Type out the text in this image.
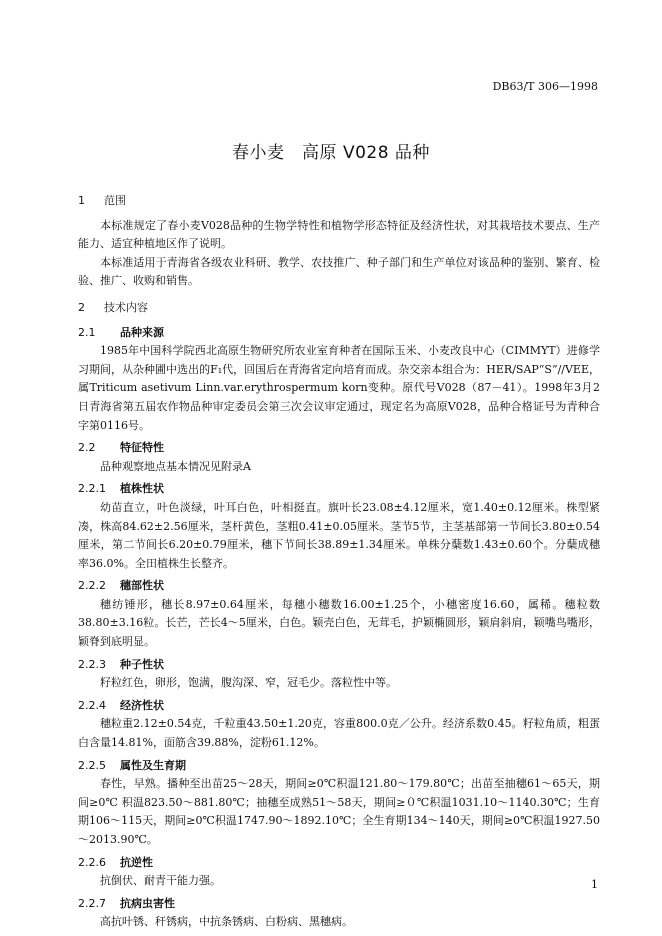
DB63/T 306—1998
春小麦　高原 V028 品种
1 范围

本标准规定了春小麦V028品种的生物学特性和植物学形态特征及经济性状，对其栽培技术要点、生产能力、适宜种植地区作了说明。

本标准适用于青海省各级农业科研、教学、农技推广、种子部门和生产单位对该品种的鉴别、繁育、检验、推广、收购和销售。

2 技术内容
2.1 品种来源

1985年中国科学院西北高原生物研究所农业室育种者在国际玉米、小麦改良中心（CIMMYT）进修学习期间，从杂种圃中选出的F₁代，回国后在青海省定向培育而成。杂交亲本组合为：HER/SAP“S”//VEE，属Triticum asetivum Linn.var.erythrospermum korn变种。原代号V028（87－41）。1998年3月2日青海省第五届农作物品种审定委员会第三次会议审定通过，现定名为高原V028，品种合格证号为青种合字第0116号。

2.2 特征特性

品种观察地点基本情况见附录A

2.2.1 植株性状

幼苗直立，叶色淡绿，叶耳白色，叶相挺直。旗叶长23.08±4.12厘米，宽1.40±0.12厘米。株型紧凑，株高84.62±2.56厘米，茎杆黄色，茎粗0.41±0.05厘米。茎节5节，主茎基部第一节间长3.80±0.54厘米，第二节间长6.20±0.79厘米，穗下节间长38.89±1.34厘米。单株分蘖数1.43±0.60个。分蘖成穗率36.0%。全田植株生长整齐。

2.2.2 穗部性状

穗纺锤形，穗长8.97±0.64厘米，每穗小穗数16.00±1.25个，小穗密度16.60，属稀。穗粒数38.80±3.16粒。长芒，芒长4～5厘米，白色。颖壳白色，无茸毛，护颖椭圆形，颖肩斜肩，颖嘴鸟嘴形，颖脊到底明显。

2.2.3 种子性状

籽粒红色，卵形，饱满，腹沟深、窄，冠毛少。落粒性中等。

2.2.4 经济性状

穗粒重2.12±0.54克，千粒重43.50±1.20克，容重800.0克／公升。经济系数0.45。籽粒角质，粗蛋白含量14.81%，面筋含39.88%，淀粉61.12%。

2.2.5 属性及生育期

春性，早熟。播种至出苗25～28天，期间≥0℃积温121.80～179.80℃；出苗至抽穗61～65天，期间≥0℃ 积温823.50～881.80℃；抽穗至成熟51～58天，期间≥０℃积温1031.10～1140.30℃；生育期106～115天，期间≥0℃积温1747.90～1892.10℃；全生育期134～140天，期间≥0℃积温1927.50～2013.90℃。

2.2.6 抗逆性

抗倒伏、耐青干能力强。

2.2.7 抗病虫害性

高抗叶锈、秆锈病，中抗条锈病、白粉病、黑穗病。

1
